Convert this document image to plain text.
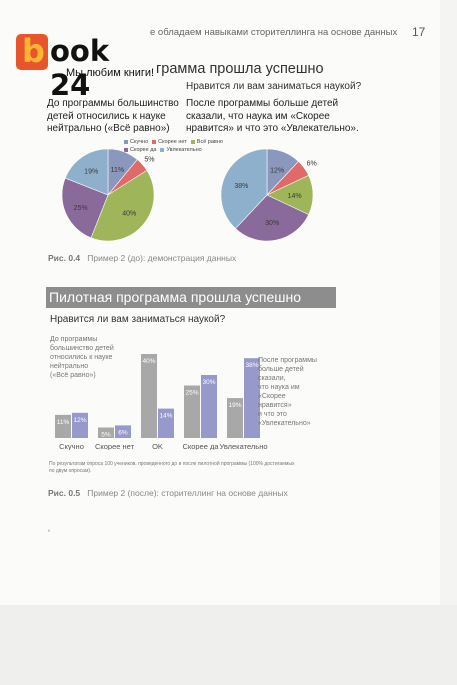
е обладаем навыками сторителлинга на основе данных 17
b ook 24
Мы любим книги! грамма прошла успешно
Нравится ли вам заниматься наукой?
До программы большинство детей относились к науке нейтрально («Всё равно»)
После программы больше детей сказали, что наука им «Скорее нравится» и что это «Увлекательно».
Скучно Скорее нет Всё равно
Скорее да Увлекательно
11%
5%
40%
25%
19%	12%
6%
14%
30%
38%
Рис. 0.4 Пример 2 (до): демонстрация данных
Пилотная программа прошла успешно
Нравится ли вам заниматься наукой?
11% 12%
Скучно
5% 6%
Скорее нет
40%
14%
OK
25%
30%
Скорее да
19%
38%
Увлекательно
До программы
большинство детей
относились к науке
нейтрально
(«Всё равно»)
После программы
больше детей
сказали,
что наука им
«Скорее
нравится»
и что это
«Увлекательно»
По результатам опроса 100 учеников, проведенного до и после пилотной программы (100% достигаемых по двум опросам).
Рис. 0.5 Пример 2 (после): сторителлинг на основе данных
‘
